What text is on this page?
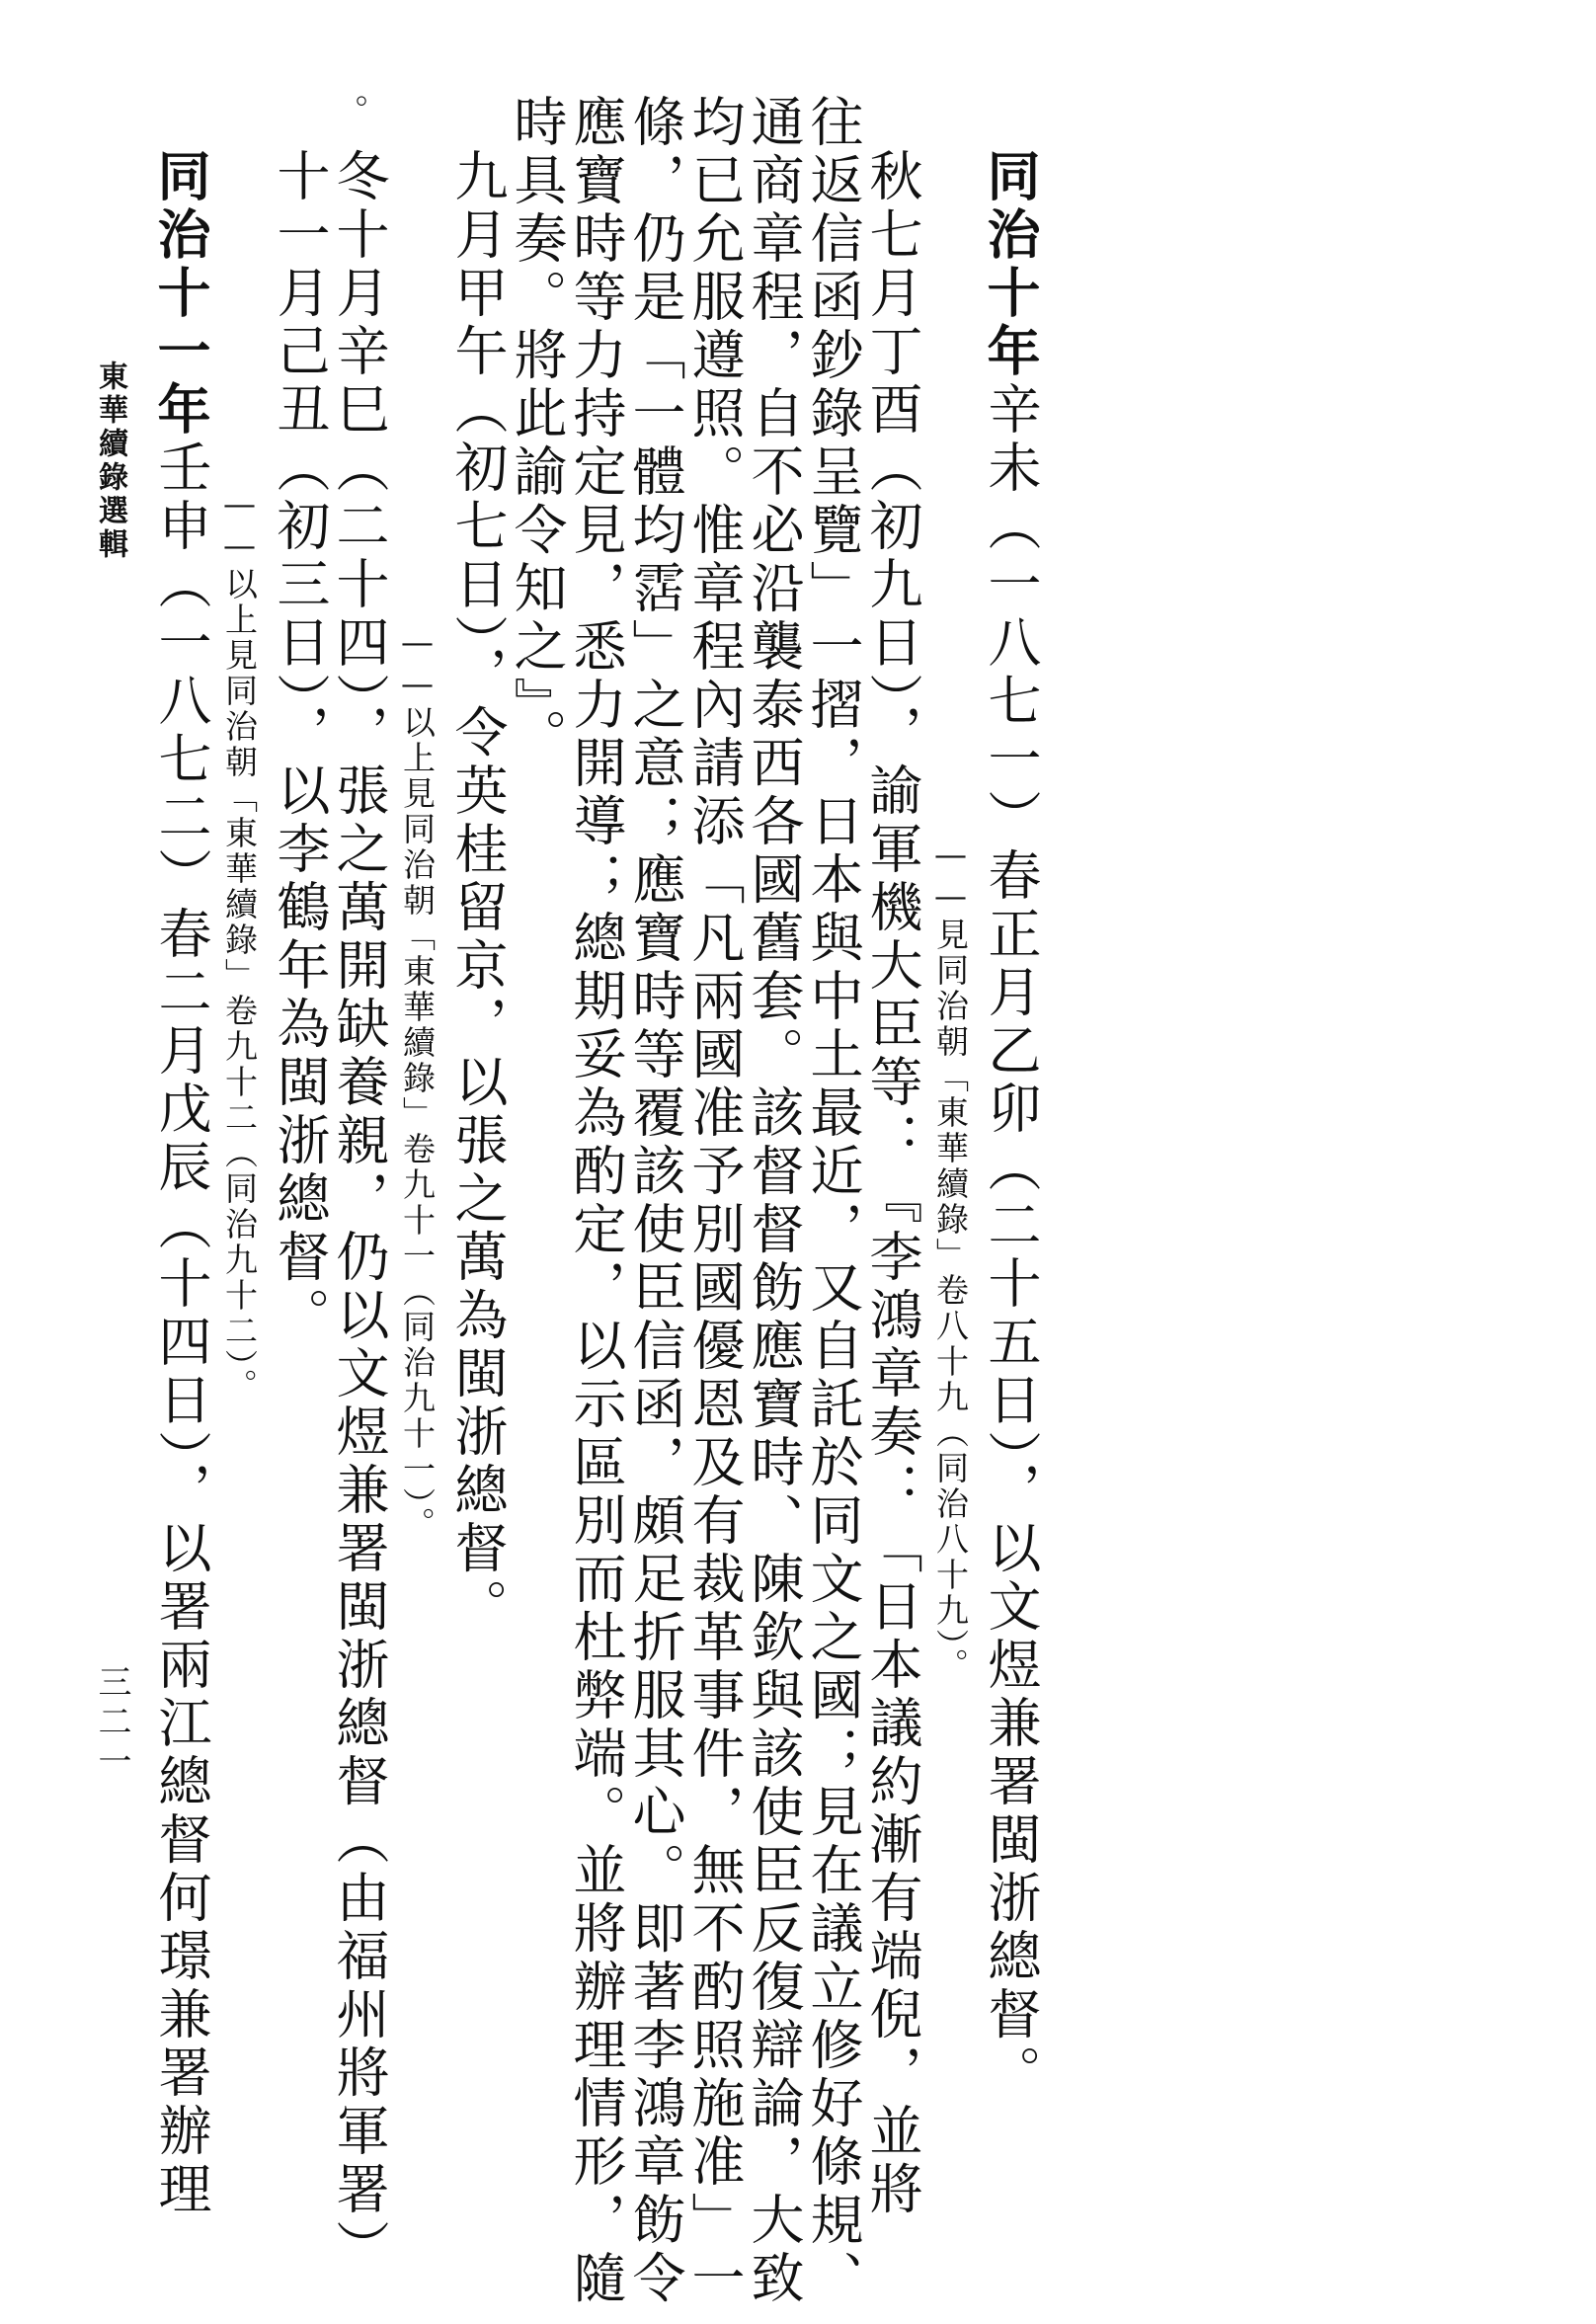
同治十年辛未（一八七一）春正月乙卯（二十五日），以文煜兼署閩浙總督。
——見同治朝「東華續錄」卷八十九（同治八十九）。
秋七月丁酉（初九日），諭軍機大臣等：『李鴻章奏：「日本議約漸有端倪，並將
往返信函鈔錄呈覽」一摺，日本與中土最近，又自託於同文之國；見在議立修好條規、
通商章程，自不必沿襲泰西各國舊套。該督督飭應寶時、陳欽與該使臣反復辯論，大致
均已允服遵照。惟章程內請添「凡兩國准予別國優恩及有裁革事件，無不酌照施准」一
條，仍是「一體均霑」之意；應寶時等覆該使臣信函，頗足折服其心。即著李鴻章飭令
應寶時等力持定見，悉力開導；總期妥為酌定，以示區別而杜弊端。並將辦理情形，隨
時具奏。將此諭令知之』。
九月甲午（初七日），令英桂留京，以張之萬為閩浙總督。
——以上見同治朝「東華續錄」卷九十一（同治九十一）。
冬十月辛巳（二十四），張之萬開缺養親，仍以文煜兼署閩浙總督（由福州將軍署）
十一月己丑（初三日），以李鶴年為閩浙總督。
。
——以上見同治朝「東華續錄」卷九十二（同治九十二）。
同治十一年壬申（一八七二）春二月戊辰（十四日），以署兩江總督何璟兼署辦理
東華續錄選輯
三二一
